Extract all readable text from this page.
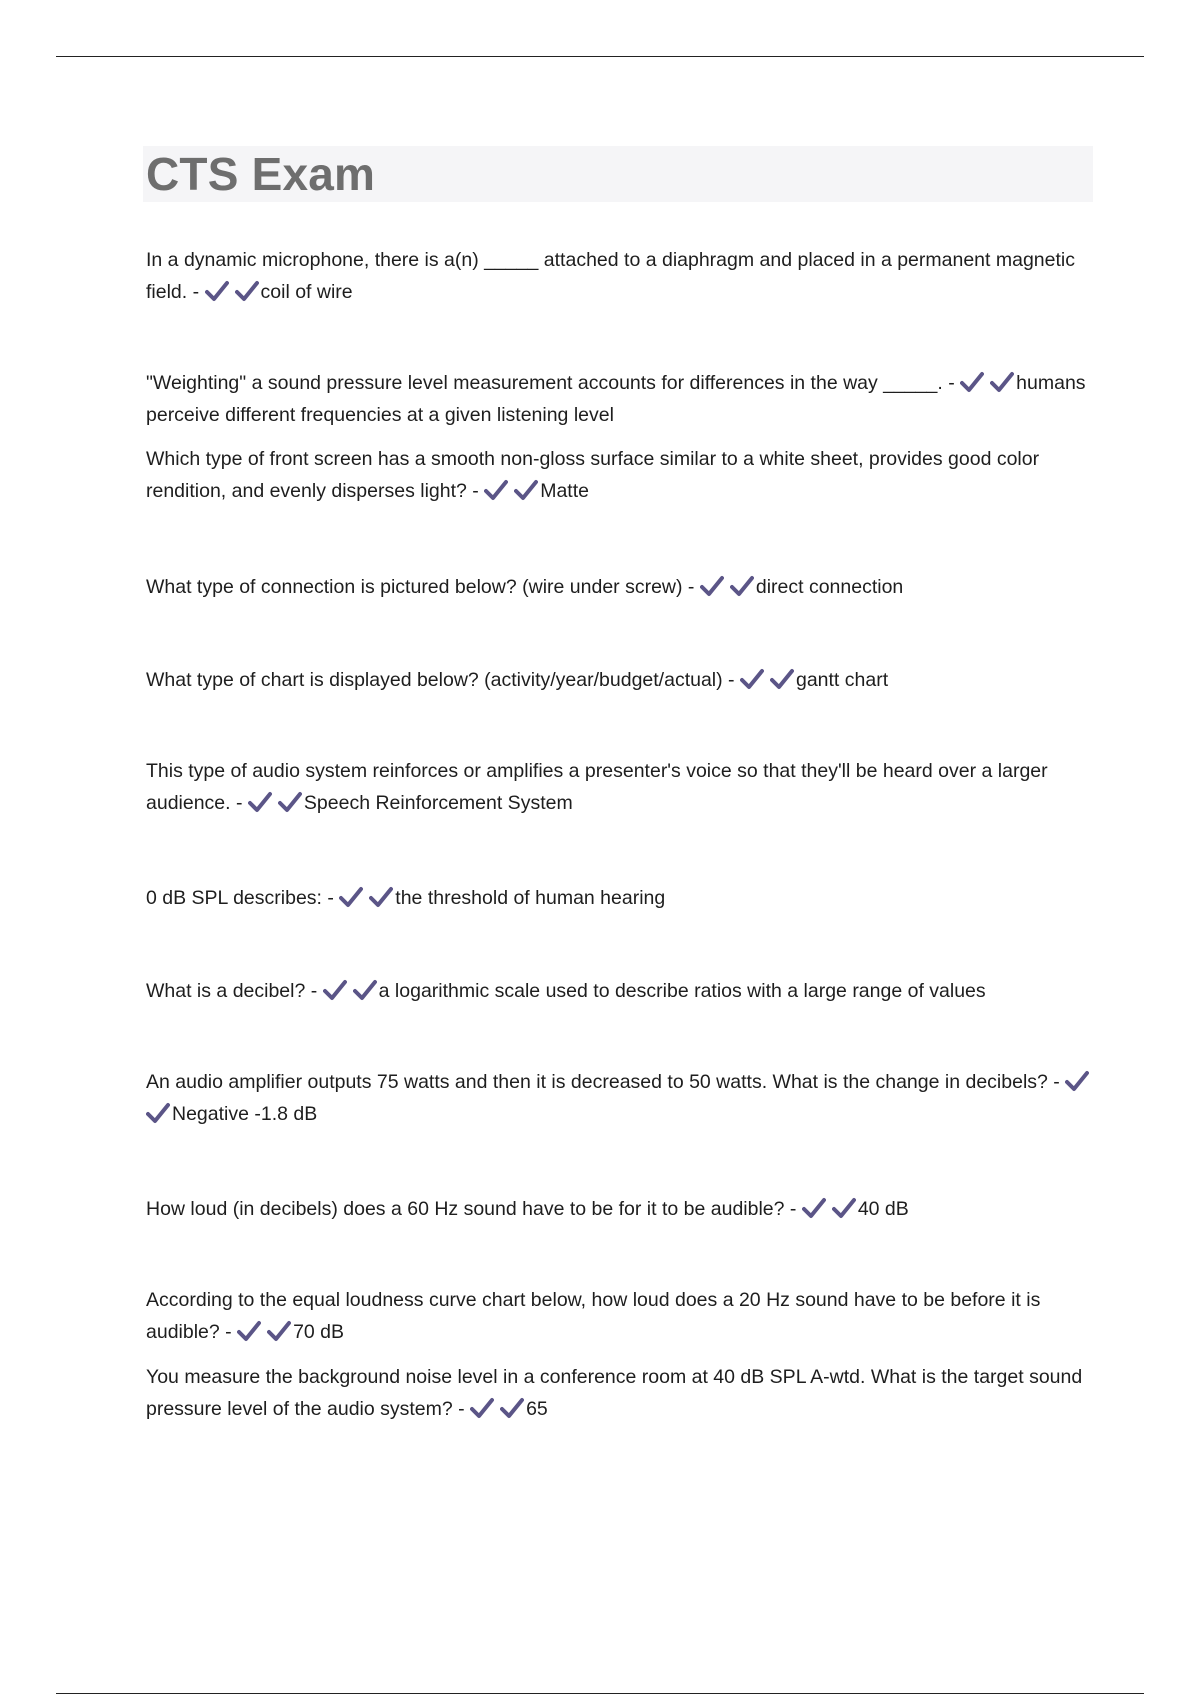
CTS Exam
In a dynamic microphone, there is a(n) _____ attached to a diaphragm and placed in a permanent magnetic field. -	coil of wire
"Weighting" a sound pressure level measurement accounts for differences in the way _____. -	humans perceive different frequencies at a given listening level
Which type of front screen has a smooth non-gloss surface similar to a white sheet, provides good color rendition, and evenly disperses light? -	Matte
What type of connection is pictured below? (wire under screw) -	direct connection
What type of chart is displayed below? (activity/year/budget/actual) -	gantt chart
This type of audio system reinforces or amplifies a presenter's voice so that they'll be heard over a larger audience. -	Speech Reinforcement System
0 dB SPL describes: -	the threshold of human hearing
What is a decibel? -	a logarithmic scale used to describe ratios with a large range of values
An audio amplifier outputs 75 watts and then it is decreased to 50 watts. What is the change in decibels? -
Negative -1.8 dB
How loud (in decibels) does a 60 Hz sound have to be for it to be audible? -	40 dB
According to the equal loudness curve chart below, how loud does a 20 Hz sound have to be before it is audible? -	70 dB
You measure the background noise level in a conference room at 40 dB SPL A-wtd. What is the target sound pressure level of the audio system? -	65
